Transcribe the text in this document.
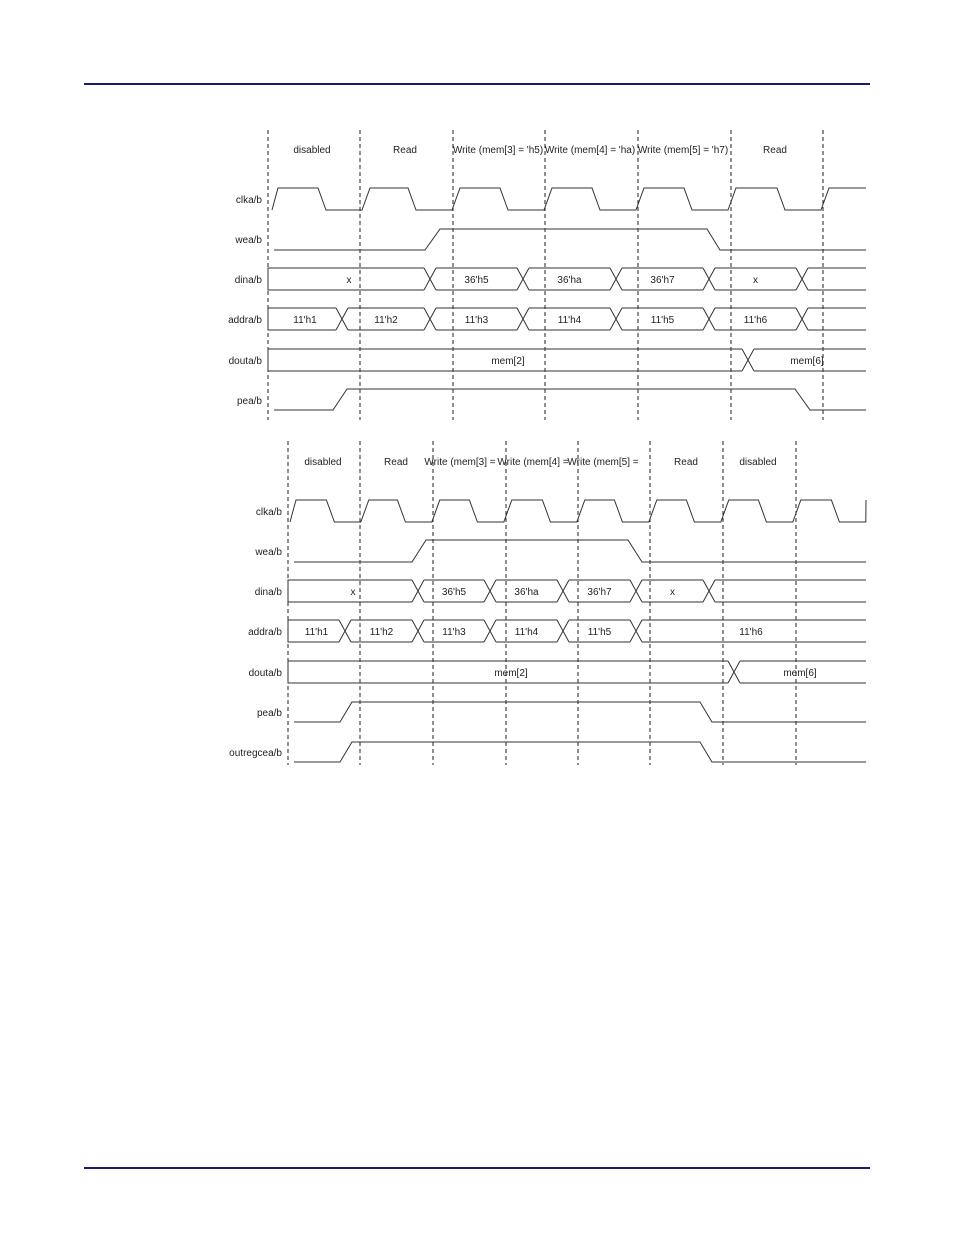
disabled	Read	Write (mem[3] = 'h5) Write (mem[4] = 'ha) Write (mem[5] = 'h7)	Read
clka/b
wea/b
dina/b	x	36'h5	36'ha	36'h7	x
addra/b	11'h1	11'h2	11'h3	11'h4	11'h5	11'h6
douta/b	mem[2]	mem[6]
pea/b
disabled	Read Write (mem[3] = Write (mem[4] =
Write (mem[5] =	Read	disabled
clka/b
wea/b
dina/b	x	36'h5	36'ha	36'h7	x
addra/b 11'h1	11'h2	11'h3	11'h4	11'h5	11'h6
douta/b	mem[2]	mem[6]
pea/b
outregcea/b
